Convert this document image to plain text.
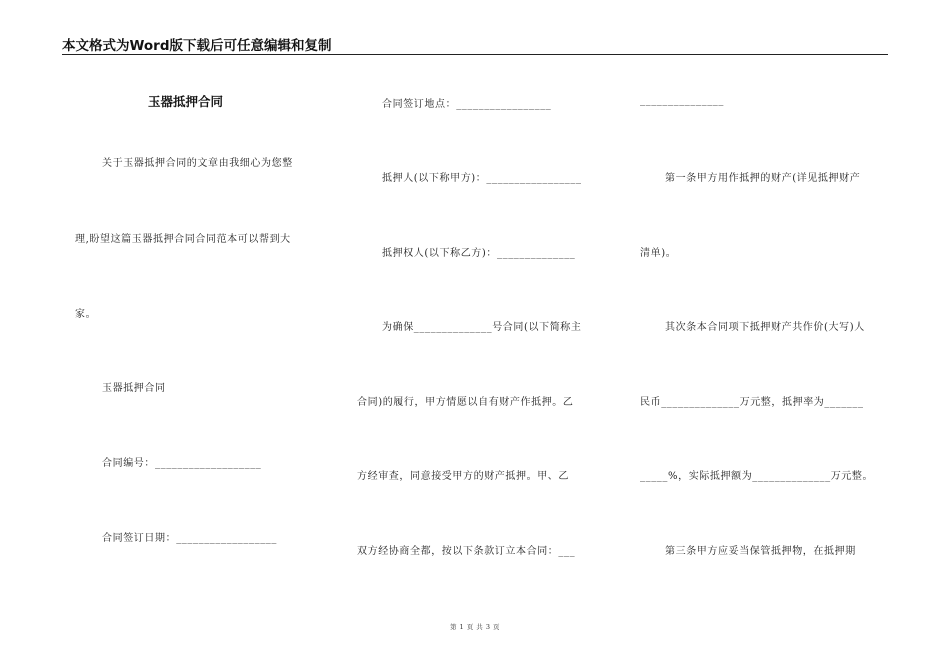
本文格式为Word版下载后可任意编辑和复制
玉器抵押合同
关于玉器抵押合同的文章由我细心为您整
理,盼望这篇玉器抵押合同合同范本可以帮到大
家。
玉器抵押合同
合同编号：___________________
合同签订日期：__________________
合同签订地点：_________________
抵押人(以下称甲方)：_________________
抵押权人(以下称乙方)：______________
为确保______________号合同(以下简称主
合同)的履行，甲方情愿以自有财产作抵押。乙
方经审查，同意接受甲方的财产抵押。甲、乙
双方经协商全都，按以下条款订立本合同：___
_______________
第一条甲方用作抵押的财产(详见抵押财产
清单)。
其次条本合同项下抵押财产共作价(大写)人
民币______________万元整，抵押率为_______
_____%，实际抵押额为______________万元整。
第三条甲方应妥当保管抵押物，在抵押期
第 1 页 共 3 页
